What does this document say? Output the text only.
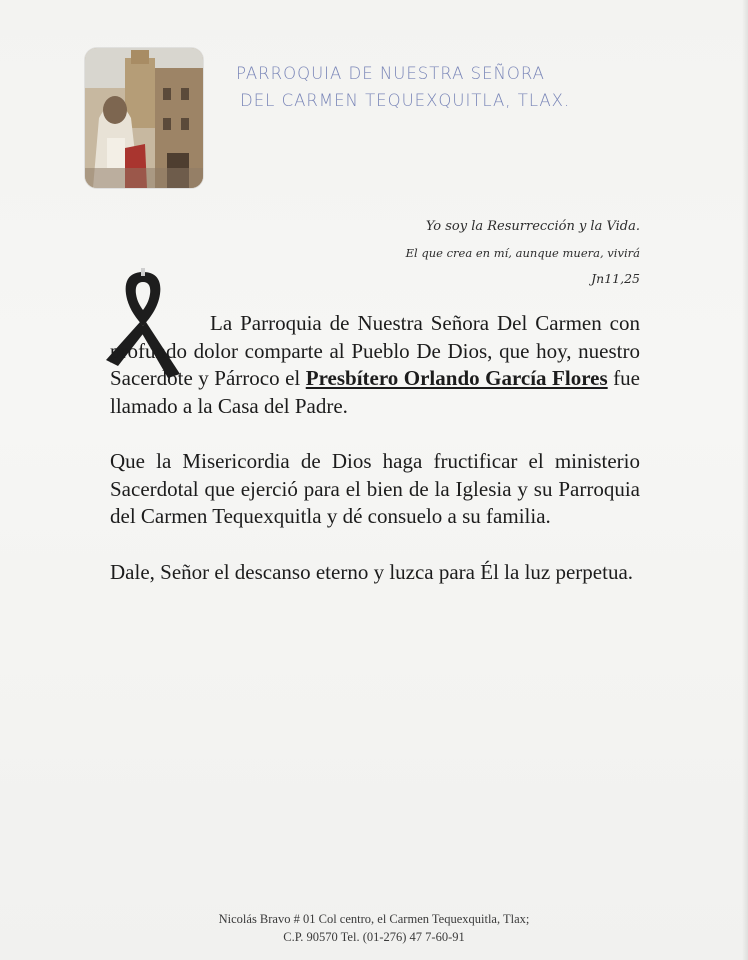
PARROQUIA DE NUESTRA SEÑORA
DEL CARMEN TEQUEXQUITLA, TLAX.
Yo soy la Resurrección y la Vida.
El que crea en mí, aunque muera, vivirá
Jn11,25

La Parroquia de Nuestra Señora Del Carmen con profundo dolor comparte al Pueblo De Dios, que hoy, nuestro Sacerdote y Párroco el Presbítero Orlando García Flores fue llamado a la Casa del Padre.

Que la Misericordia de Dios haga fructificar el ministerio Sacerdotal que ejerció para el bien de la Iglesia y su Parroquia del Carmen Tequexquitla y dé consuelo a su familia.

Dale, Señor el descanso eterno y luzca para Él la luz perpetua.

Nicolás Bravo # 01 Col centro, el Carmen Tequexquitla, Tlax;
C.P. 90570 Tel. (01-276) 47 7-60-91
